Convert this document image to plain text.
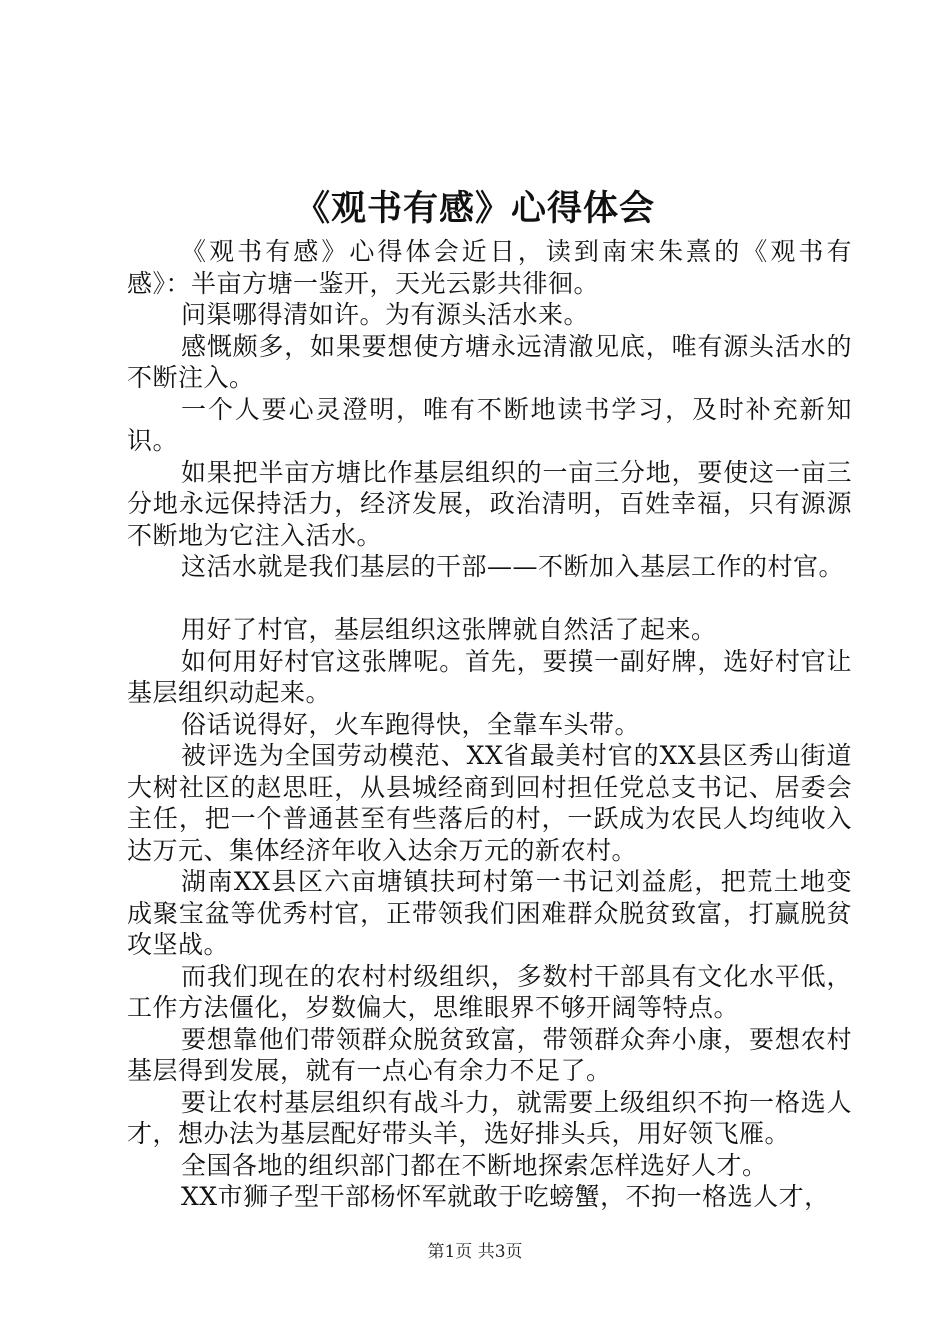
《观书有感》心得体会

《观书有感》心得体会近日，读到南宋朱熹的《观书有感》：半亩方塘一鉴开，天光云影共徘徊。

问渠哪得清如许。为有源头活水来。

感慨颇多，如果要想使方塘永远清澈见底，唯有源头活水的不断注入。

一个人要心灵澄明，唯有不断地读书学习，及时补充新知识。

如果把半亩方塘比作基层组织的一亩三分地，要使这一亩三分地永远保持活力，经济发展，政治清明，百姓幸福，只有源源不断地为它注入活水。

这活水就是我们基层的干部——不断加入基层工作的村官。

用好了村官，基层组织这张牌就自然活了起来。

如何用好村官这张牌呢。首先，要摸一副好牌，选好村官让基层组织动起来。

俗话说得好，火车跑得快，全靠车头带。

被评选为全国劳动模范、XX省最美村官的XX县区秀山街道大树社区的赵思旺，从县城经商到回村担任党总支书记、居委会主任，把一个普通甚至有些落后的村，一跃成为农民人均纯收入达万元、集体经济年收入达余万元的新农村。

湖南XX县区六亩塘镇扶珂村第一书记刘益彪，把荒土地变成聚宝盆等优秀村官，正带领我们困难群众脱贫致富，打赢脱贫攻坚战。

而我们现在的农村村级组织，多数村干部具有文化水平低，工作方法僵化，岁数偏大，思维眼界不够开阔等特点。

要想靠他们带领群众脱贫致富，带领群众奔小康，要想农村基层得到发展，就有一点心有余力不足了。

要让农村基层组织有战斗力，就需要上级组织不拘一格选人才，想办法为基层配好带头羊，选好排头兵，用好领飞雁。

全国各地的组织部门都在不断地探索怎样选好人才。

XX市狮子型干部杨怀军就敢于吃螃蟹，不拘一格选人才，

第1页 共3页
